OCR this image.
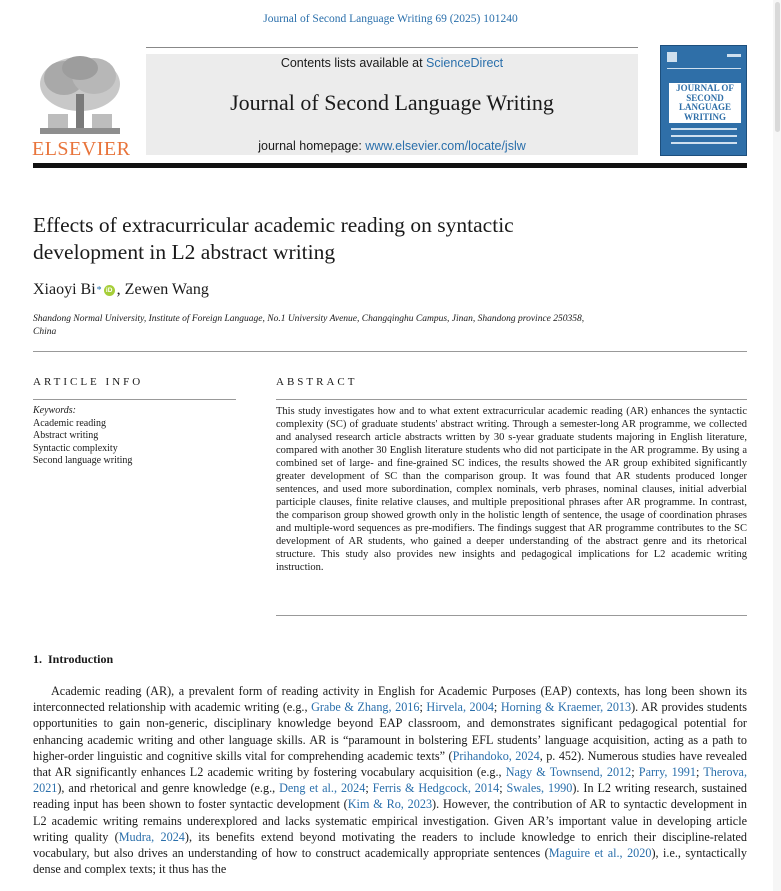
Journal of Second Language Writing 69 (2025) 101240
ELSEVIER
Contents lists available at ScienceDirect
Journal of Second Language Writing
journal homepage: www.elsevier.com/locate/jslw
JOURNAL OF
SECOND
LANGUAGE
WRITING
Effects of extracurricular academic reading on syntactic
development in L2 abstract writing
Xiaoyi Bi * iD , Zewen Wang
Shandong Normal University, Institute of Foreign Language, No.1 University Avenue, Changqinghu Campus, Jinan, Shandong province 250358,
China
ARTICLE INFO	ABSTRACT
Keywords:
Academic reading
Abstract writing
Syntactic complexity
Second language writing

This study investigates how and to what extent extracurricular academic reading (AR) enhances the syntactic complexity (SC) of graduate students' abstract writing. Through a semester-long AR programme, we collected and analysed research article abstracts written by 30 s-year graduate students majoring in English literature, compared with another 30 English literature students who did not participate in the AR programme. By using a combined set of large- and fine-grained SC indices, the results showed the AR group exhibited significantly greater development of SC than the comparison group. It was found that AR students produced longer sentences, and used more subordination, complex nominals, verb phrases, nominal clauses, initial adverbial participle clauses, finite relative clauses, and multiple prepositional phrases after AR programme. In contrast, the comparison group showed growth only in the holistic length of sentence, the usage of coordination phrases and multiple-word sequences as pre-modifiers. The findings suggest that AR programme contributes to the SC development of AR students, who gained a deeper understanding of the abstract genre and its rhetorical structure. This study also provides new insights and pedagogical implications for L2 academic writing instruction.

1. Introduction

Academic reading (AR), a prevalent form of reading activity in English for Academic Purposes (EAP) contexts, has long been shown its interconnected relationship with academic writing (e.g., Grabe & Zhang, 2016; Hirvela, 2004; Horning & Kraemer, 2013). AR provides students opportunities to gain non-generic, disciplinary knowledge beyond EAP classroom, and demonstrates significant pedagogical potential for enhancing academic writing and other language skills. AR is “paramount in bolstering EFL students’ language acquisition, acting as a path to higher-order linguistic and cognitive skills vital for comprehending academic texts” (Prihandoko, 2024, p. 452). Numerous studies have revealed that AR significantly enhances L2 academic writing by fostering vocabulary acquisition (e.g., Nagy & Townsend, 2012; Parry, 1991; Therova, 2021), and rhetorical and genre knowledge (e.g., Deng et al., 2024; Ferris & Hedgcock, 2014; Swales, 1990). In L2 writing research, sustained reading input has been shown to foster syntactic development (Kim & Ro, 2023). However, the contribution of AR to syntactic development in L2 academic writing remains underexplored and lacks systematic empirical investigation. Given AR’s important value in developing article writing quality (Mudra, 2024), its benefits extend beyond motivating the readers to include knowledge to enrich their discipline-related vocabulary, but also drives an understanding of how to construct academically appropriate sentences (Maguire et al., 2020), i.e., syntactically dense and complex texts; it thus has the
